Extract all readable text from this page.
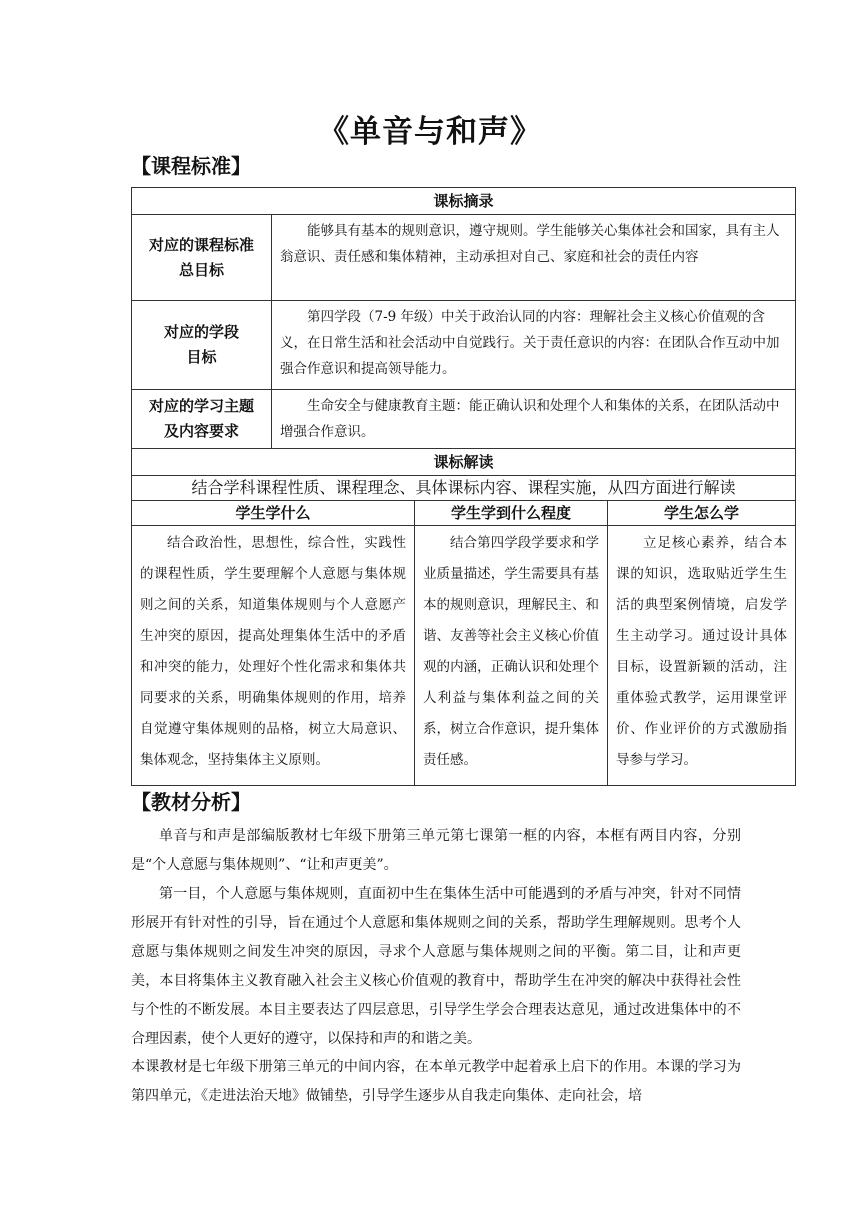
《单音与和声》
【课程标准】
课标摘录			

对应的课程标准
总目标	能够具有基本的规则意识，遵守规则。学生能够关心集体社会和国家，具有主人翁意识、责任感和集体精神，主动承担对自己、家庭和社会的责任内容		

对应的学段
目标	第四学段（7-9 年级）中关于政治认同的内容：理解社会主义核心价值观的含义，在日常生活和社会活动中自觉践行。关于责任意识的内容：在团队合作互动中加强合作意识和提高领导能力。		

对应的学习主题
及内容要求	生命安全与健康教育主题：能正确认识和处理个人和集体的关系，在团队活动中增强合作意识。		
课标解读			
结合学科课程性质、课程理念、具体课标内容、课程实施，从四方面进行解读			
学生学什么		学生学到什么程度	学生怎么学
结合政治性，思想性，综合性，实践性的课程性质，学生要理解个人意愿与集体规则之间的关系，知道集体规则与个人意愿产生冲突的原因，提高处理集体生活中的矛盾和冲突的能力，处理好个性化需求和集体共同要求的关系，明确集体规则的作用，培养自觉遵守集体规则的品格，树立大局意识、集体观念，坚持集体主义原则。		结合第四学段学要求和学业质量描述，学生需要具有基本的规则意识，理解民主、和谐、友善等社会主义核心价值观的内涵，正确认识和处理个人利益与集体利益之间的关系，树立合作意识，提升集体责任感。	立足核心素养，结合本课的知识，选取贴近学生生活的典型案例情境，启发学生主动学习。通过设计具体目标，设置新颖的活动，注重体验式教学，运用课堂评价、作业评价的方式激励指导参与学习。
【教材分析】

单音与和声是部编版教材七年级下册第三单元第七课第一框的内容，本框有两目内容，分别是“个人意愿与集体规则”、“让和声更美”。

第一目，个人意愿与集体规则，直面初中生在集体生活中可能遇到的矛盾与冲突，针对不同情形展开有针对性的引导，旨在通过个人意愿和集体规则之间的关系，帮助学生理解规则。思考个人意愿与集体规则之间发生冲突的原因，寻求个人意愿与集体规则之间的平衡。第二目，让和声更美，本目将集体主义教育融入社会主义核心价值观的教育中，帮助学生在冲突的解决中获得社会性与个性的不断发展。本目主要表达了四层意思，引导学生学会合理表达意见，通过改进集体中的不合理因素，使个人更好的遵守，以保持和声的和谐之美。

本课教材是七年级下册第三单元的中间内容，在本单元教学中起着承上启下的作用。本课的学习为第四单元，《走进法治天地》做铺垫，引导学生逐步从自我走向集体、走向社会，培
